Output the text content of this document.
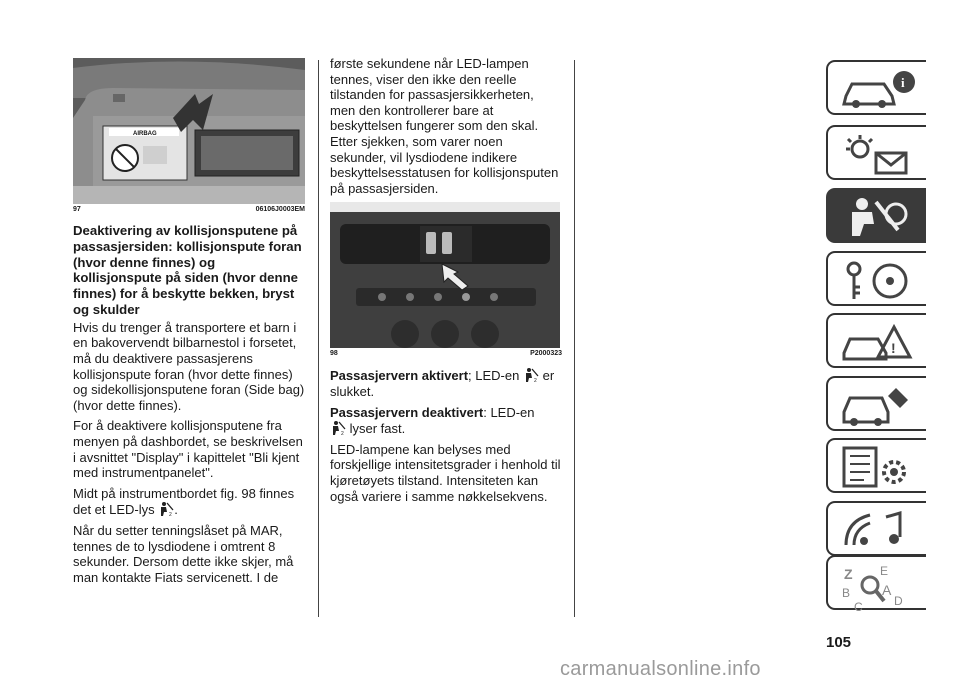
AIRBAG
97	06106J0003EM
Deaktivering av kollisjonsputene på passasjersiden: kollisjonspute foran (hvor denne finnes) og kollisjonspute på siden (hvor denne finnes) for å beskytte bekken, bryst og skulder

Hvis du trenger å transportere et barn i en bakovervendt bilbarnestol i forsetet, må du deaktivere passasjerens kollisjonspute foran (hvor dette finnes) og sidekollisjonsputene foran (Side bag) (hvor dette finnes).

For å deaktivere kollisjonsputene fra menyen på dashbordet, se beskrivelsen i avsnittet "Display" i kapittelet "Bli kjent med instrumentpanelet".

Midt på instrumentbordet fig. 98 finnes det et LED-lys	2 .

Når du setter tenningslåset på MAR, tennes de to lysdiodene i omtrent 8 sekunder. Dersom dette ikke skjer, må man kontakte Fiats servicenett. I de

første sekundene når LED-lampen tennes, viser den ikke den reelle tilstanden for passasjersikkerheten, men den kontrollerer bare at beskyttelsen fungerer som den skal. Etter sjekken, som varer noen sekunder, vil lysdiodene indikere beskyttelsesstatusen for kollisjonsputen på passasjersiden.

98	P2000323

Passasjervern aktivert; LED-en	2 er slukket.

Passasjervern deaktivert: LED-en

2 lyser fast.

LED-lampene kan belyses med forskjellige intensitetsgrader i henhold til kjøretøyets tilstand. Intensiteten kan også variere i samme nøkkelsekvens.

i
!
Z E
B A
C	D
105
carmanualsonline.info
